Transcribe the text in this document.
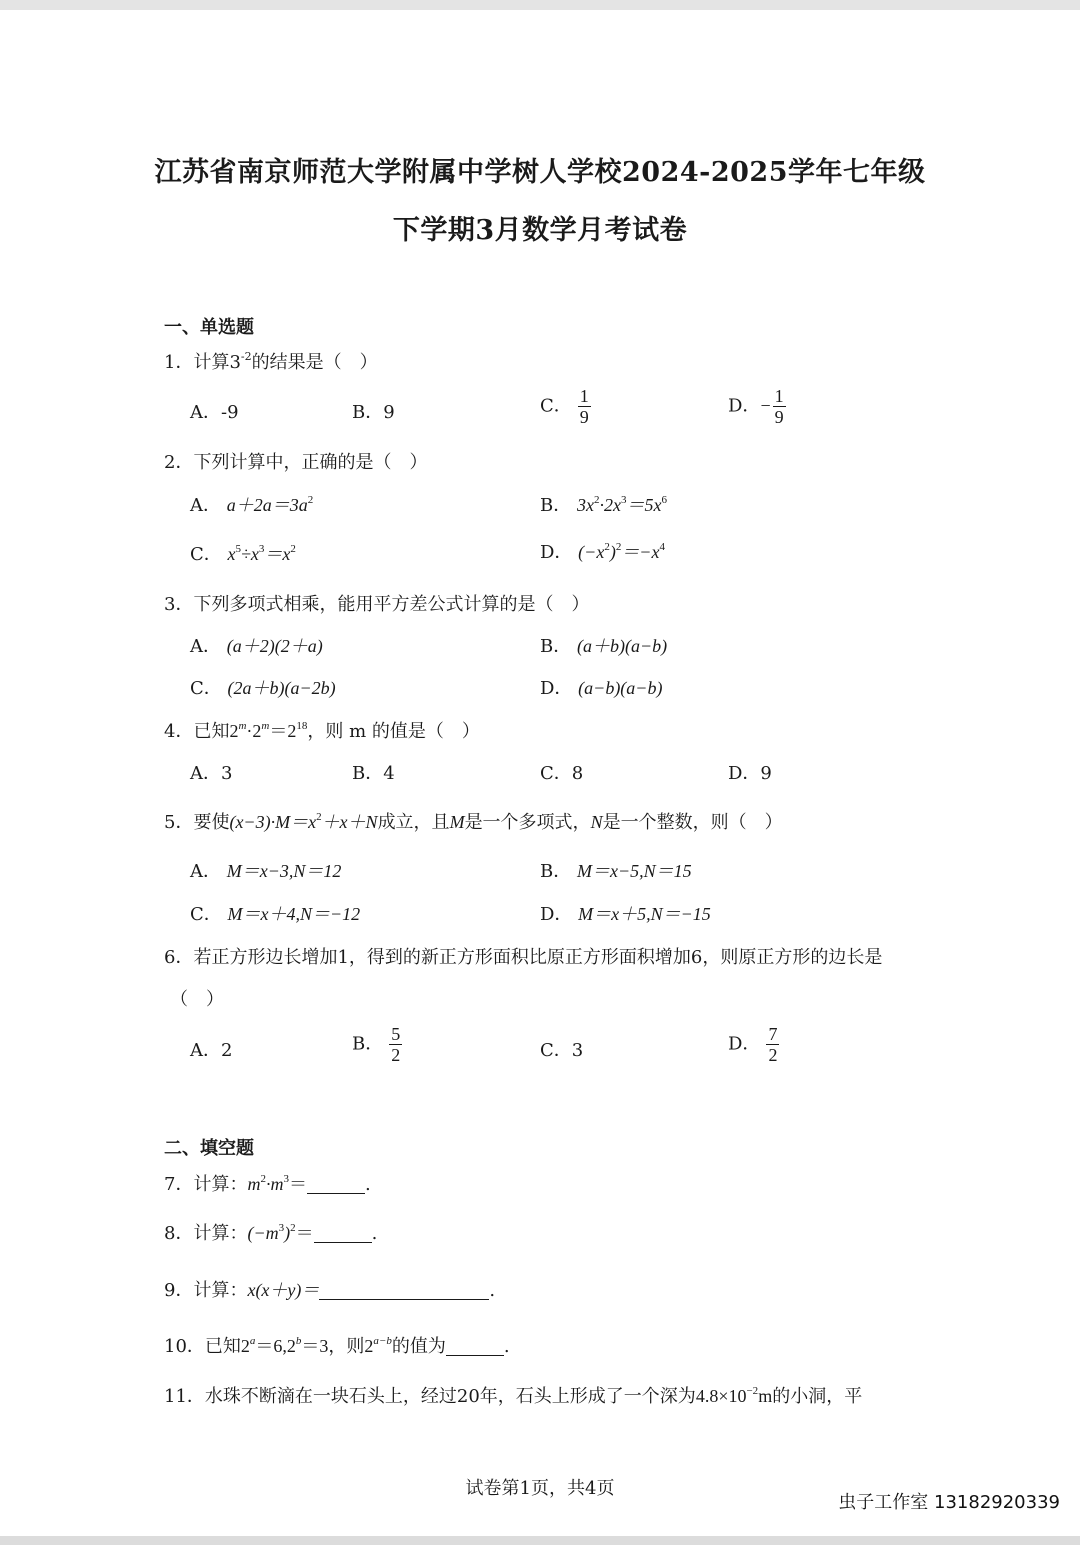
江苏省南京师范大学附属中学树人学校2024-2025学年七年级
下学期3月数学月考试卷
一、单选题
1．计算$3^{-2}$的结果是（　）
A．-9	B．9	C． $\frac{1}{9}$	D．− $\frac{1}{9}$
2．下列计算中，正确的是（　）
A． $a+2a=3a^2$	B． $3x^2\cdot 2x^3=5x^6$
C． $x^5\div x^3=x^2$	D． $(-x^2)^2=-x^4$
3．下列多项式相乘，能用平方差公式计算的是（　）
A． (a＋2)(2＋a)	B． (a＋b)(a−b)
C． (2a＋b)(a−2b)	D． (a−b)(a−b)
4．已知$2^m\cdot 2^m=2^{18}$，则 m 的值是（　）
A．3	B．4	C．8	D．9
5．要使$(x-3)\cdot M=x^2+x+N$成立，且M是一个多项式，N是一个整数，则（　）
A． M＝x−3,N＝12	B． M＝x−5,N＝15
C． M＝x＋4,N＝−12	D． M＝x＋5,N＝−15
6．若正方形边长增加1，得到的新正方形面积比原正方形面积增加6，则原正方形的边长是
（　）
A．2	B． $\frac{5}{2}$	C．3	D． $\frac{7}{2}$
二、填空题
7．计算：$m^2\cdot m^3=$	.
8．计算：$(-m^3)^2=$	.
9．计算：x(x＋y)＝	.
10．已知$2^a=6,2^b=3$，则$2^{a-b}$的值为	.
11．水珠不断滴在一块石头上，经过20年，石头上形成了一个深为$4.8\times 10^{-2}m$的小洞，平
试卷第1页，共4页
虫子工作室 13182920339
